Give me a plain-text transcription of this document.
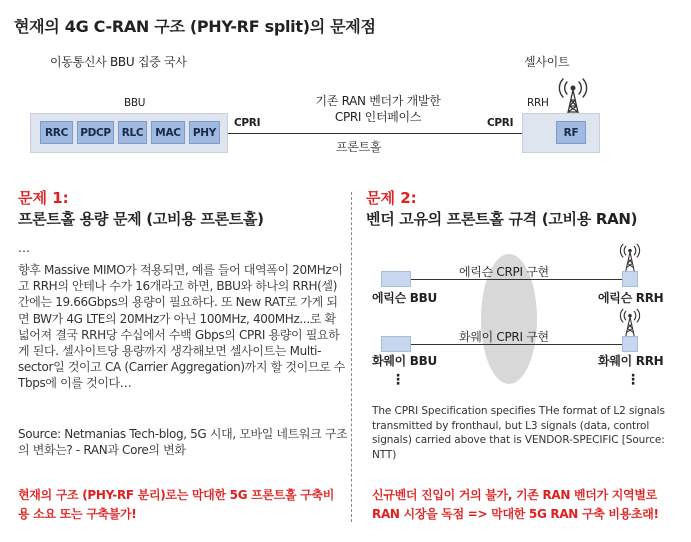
현재의 4G C-RAN 구조 (PHY-RF split)의 문제점
이동통신사 BBU 집중 국사	셀사이트
BBU
RRC	PDCP	RLC	MAC	PHY
RRH
RF
CPRI	CPRI
기존 RAN 벤더가 개발한
CPRI 인터페이스
프론트홀
문제 1:
프론트홀 용량 문제 (고비용 프론트홀)
…
향후 Massive MIMO가 적용되면, 예를 들어 대역폭이 20MHz이고 RRH의 안테나 수가 16개라고 하면, BBU와 하나의 RRH(셀)간에는 19.66Gbps의 용량이 필요하다. 또 New RAT로 가게 되면 BW가 4G LTE의 20MHz가 아닌 100MHz, 400MHz...로 확 넓어져 결국 RRH당 수십에서 수백 Gbps의 CPRI 용량이 필요하게 된다. 셀사이트당 용량까지 생각해보면 셀사이트는 Multi-sector일 것이고 CA (Carrier Aggregation)까지 할 것이므로 수 Tbps에 이를 것이다…
Source: Netmanias Tech-blog, 5G 시대, 모바일 네트워크 구조의 변화는? - RAN과 Core의 변화
현재의 구조 (PHY-RF 분리)로는 막대한 5G 프론트홀 구축비용 소요 또는 구축불가!
문제 2:
벤더 고유의 프론트홀 규격 (고비용 RAN)
에릭슨 CRPI 구현
에릭슨 BBU	에릭슨 RRH
화웨이 CPRI 구현
화웨이 BBU	화웨이 RRH
⋮	⋮
The CPRI Specification specifies THe format of L2 signals transmitted by fronthaul, but L3 signals (data, control signals) carried above that is VENDOR-SPECIFIC [Source: NTT)
신규벤더 진입이 거의 불가, 기존 RAN 벤더가 지역별로 RAN 시장을 독점 => 막대한 5G RAN 구축 비용초래!
